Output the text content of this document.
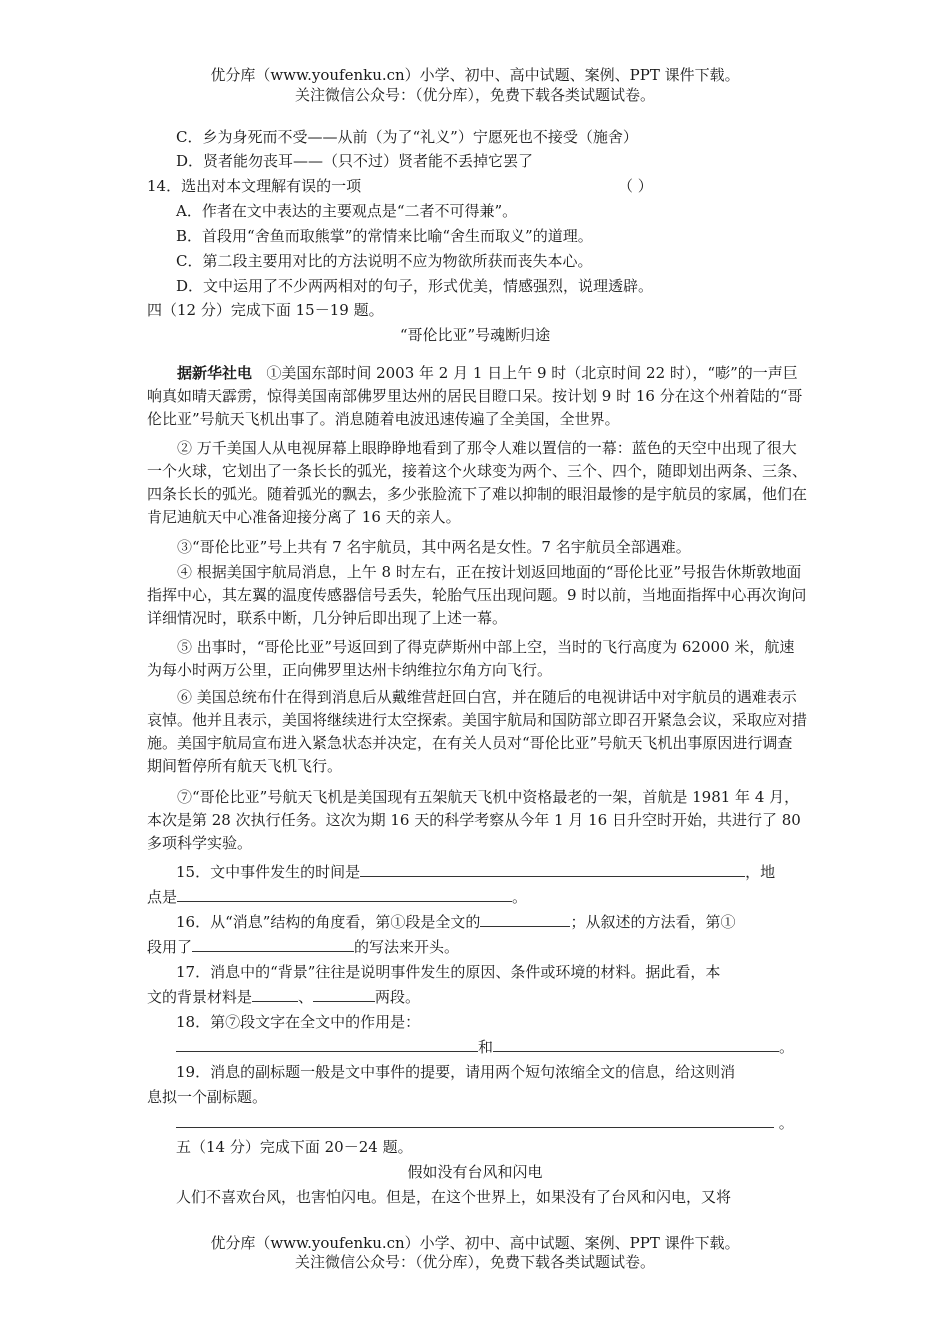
优分库（www.youfenku.cn）小学、初中、高中试题、案例、PPT 课件下载。
关注微信公众号：（优分库），免费下载各类试题试卷。
C．乡为身死而不受——从前（为了“礼义”）宁愿死也不接受（施舍）
D．贤者能勿丧耳——（只不过）贤者能不丢掉它罢了
14．选出对本文理解有误的一项	（ ）
A．作者在文中表达的主要观点是“二者不可得兼”。
B．首段用“舍鱼而取熊掌”的常情来比喻“舍生而取义”的道理。
C．第二段主要用对比的方法说明不应为物欲所获而丧失本心。
D．文中运用了不少两两相对的句子，形式优美，情感强烈，说理透辟。
四（12 分）完成下面 15－19 题。
“哥伦比亚”号魂断归途
据新华社电 ①美国东部时间 2003 年 2 月 1 日上午 9 时（北京时间 22 时），“嘭”的一声巨响真如晴天霹雳，惊得美国南部佛罗里达州的居民目瞪口呆。按计划 9 时 16 分在这个州着陆的“哥伦比亚”号航天飞机出事了。消息随着电波迅速传遍了全美国，全世界。
② 万千美国人从电视屏幕上眼睁睁地看到了那令人难以置信的一幕：蓝色的天空中出现了很大一个火球，它划出了一条长长的弧光，接着这个火球变为两个、三个、四个，随即划出两条、三条、四条长长的弧光。随着弧光的飘去，多少张脸流下了难以抑制的眼泪最惨的是宇航员的家属，他们在肯尼迪航天中心准备迎接分离了 16 天的亲人。
③“哥伦比亚”号上共有 7 名宇航员，其中两名是女性。7 名宇航员全部遇难。
④ 根据美国宇航局消息，上午 8 时左右，正在按计划返回地面的“哥伦比亚”号报告休斯敦地面指挥中心，其左翼的温度传感器信号丢失，轮胎气压出现问题。9 时以前，当地面指挥中心再次询问详细情况时，联系中断，几分钟后即出现了上述一幕。
⑤ 出事时，“哥伦比亚”号返回到了得克萨斯州中部上空，当时的飞行高度为 62000 米，航速为每小时两万公里，正向佛罗里达州卡纳维拉尔角方向飞行。
⑥ 美国总统布什在得到消息后从戴维营赶回白宫，并在随后的电视讲话中对宇航员的遇难表示哀悼。他并且表示，美国将继续进行太空探索。美国宇航局和国防部立即召开紧急会议，采取应对措施。美国宇航局宣布进入紧急状态并决定，在有关人员对“哥伦比亚”号航天飞机出事原因进行调查期间暂停所有航天飞机飞行。
⑦“哥伦比亚”号航天飞机是美国现有五架航天飞机中资格最老的一架，首航是 1981 年 4 月，本次是第 28 次执行任务。这次为期 16 天的科学考察从今年 1 月 16 日升空时开始，共进行了 80 多项科学实验。
15．文中事件发生的时间是	，地
点是	。
16．从“消息”结构的角度看，第①段是全文的	；从叙述的方法看，第①
段用了	的写法来开头。
17．消息中的“背景”往往是说明事件发生的原因、条件或环境的材料。据此看，本
文的背景材料是	、	两段。
18．第⑦段文字在全文中的作用是：
和	。
19．消息的副标题一般是文中事件的提要，请用两个短句浓缩全文的信息，给这则消
息拟一个副标题。
。
五（14 分）完成下面 20－24 题。
假如没有台风和闪电
人们不喜欢台风，也害怕闪电。但是，在这个世界上，如果没有了台风和闪电，又将
优分库（www.youfenku.cn）小学、初中、高中试题、案例、PPT 课件下载。
关注微信公众号：（优分库），免费下载各类试题试卷。
